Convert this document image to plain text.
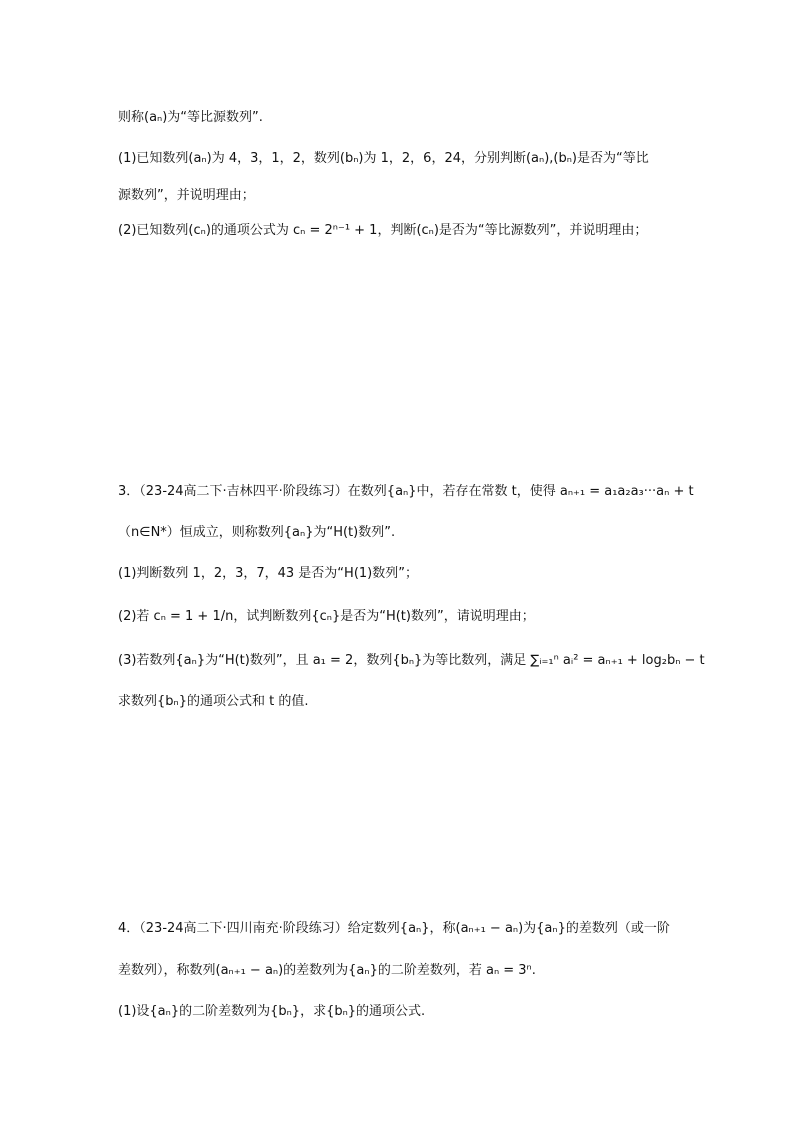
则称(aₙ)为“等比源数列”.
(1)已知数列(aₙ)为 4，3，1，2，数列(bₙ)为 1，2，6，24，分别判断(aₙ),(bₙ)是否为“等比
源数列”，并说明理由；
(2)已知数列(cₙ)的通项公式为 cₙ = 2ⁿ⁻¹ + 1，判断(cₙ)是否为“等比源数列”，并说明理由；
3．（23-24高二下·吉林四平·阶段练习）在数列{aₙ}中，若存在常数 t，使得 aₙ₊₁ = a₁a₂a₃···aₙ + t
（n∈N*）恒成立，则称数列{aₙ}为“H(t)数列”.
(1)判断数列 1，2，3，7，43 是否为“H(1)数列”；
(2)若 cₙ = 1 + 1/n，试判断数列{cₙ}是否为“H(t)数列”，请说明理由；
(3)若数列{aₙ}为“H(t)数列”，且 a₁ = 2，数列{bₙ}为等比数列，满足 ∑ᵢ₌₁ⁿ aᵢ² = aₙ₊₁ + log₂bₙ − t
求数列{bₙ}的通项公式和 t 的值.
4．（23-24高二下·四川南充·阶段练习）给定数列{aₙ}，称(aₙ₊₁ − aₙ)为{aₙ}的差数列（或一阶
差数列），称数列(aₙ₊₁ − aₙ)的差数列为{aₙ}的二阶差数列，若 aₙ = 3ⁿ.
(1)设{aₙ}的二阶差数列为{bₙ}，求{bₙ}的通项公式.
